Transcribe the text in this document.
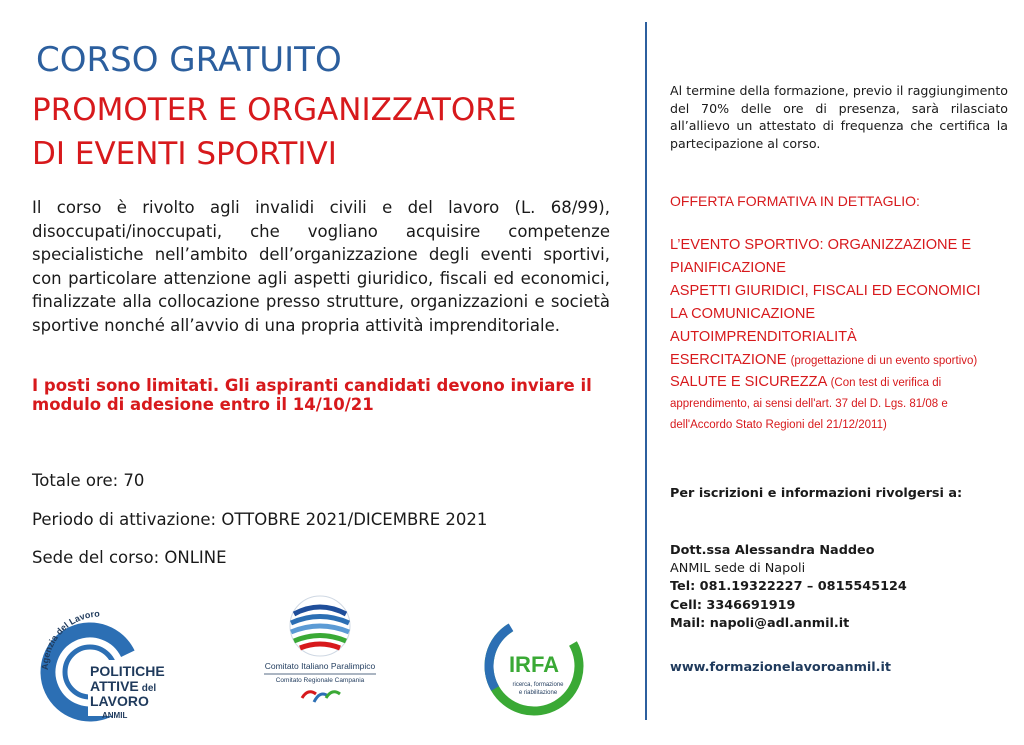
CORSO GRATUITO
PROMOTER E ORGANIZZATORE
DI EVENTI SPORTIVI
Il corso è rivolto agli invalidi civili e del lavoro (L. 68/99), disoccupati/inoccupati, che vogliano acquisire competenze specialistiche nell’ambito dell’organizzazione degli eventi sportivi, con particolare attenzione agli aspetti giuridico, fiscali ed economici, finalizzate alla collocazione presso strutture, organizzazioni e società sportive nonché all’avvio di una propria attività imprenditoriale.
I posti sono limitati. Gli aspiranti candidati devono inviare il modulo di adesione entro il 14/10/21
Totale ore: 70
Periodo di attivazione: OTTOBRE 2021/DICEMBRE 2021
Sede del corso: ONLINE
Agenzia del Lavoro
POLITICHE
ATTIVE del
LAVORO
ANMIL
Comitato Italiano Paralimpico
Comitato Regionale Campania
IRFA
ricerca, formazione
e riabilitazione
Al termine della formazione, previo il raggiungimento del 70% delle ore di presenza, sarà rilasciato all’allievo un attestato di frequenza che certifica la partecipazione al corso.
OFFERTA FORMATIVA IN DETTAGLIO:
L’EVENTO SPORTIVO: ORGANIZZAZIONE E PIANIFICAZIONE
ASPETTI GIURIDICI, FISCALI ED ECONOMICI
LA COMUNICAZIONE
AUTOIMPRENDITORIALITÀ
ESERCITAZIONE (progettazione di un evento sportivo)
SALUTE E SICUREZZA (Con test di verifica di apprendimento, ai sensi dell'art. 37 del D. Lgs. 81/08 e dell'Accordo Stato Regioni del 21/12/2011)
Per iscrizioni e informazioni rivolgersi a:
Dott.ssa Alessandra Naddeo
ANMIL sede di Napoli
Tel: 081.19322227 – 0815545124
Cell: 3346691919
Mail: napoli@adl.anmil.it
www.formazionelavoroanmil.it
